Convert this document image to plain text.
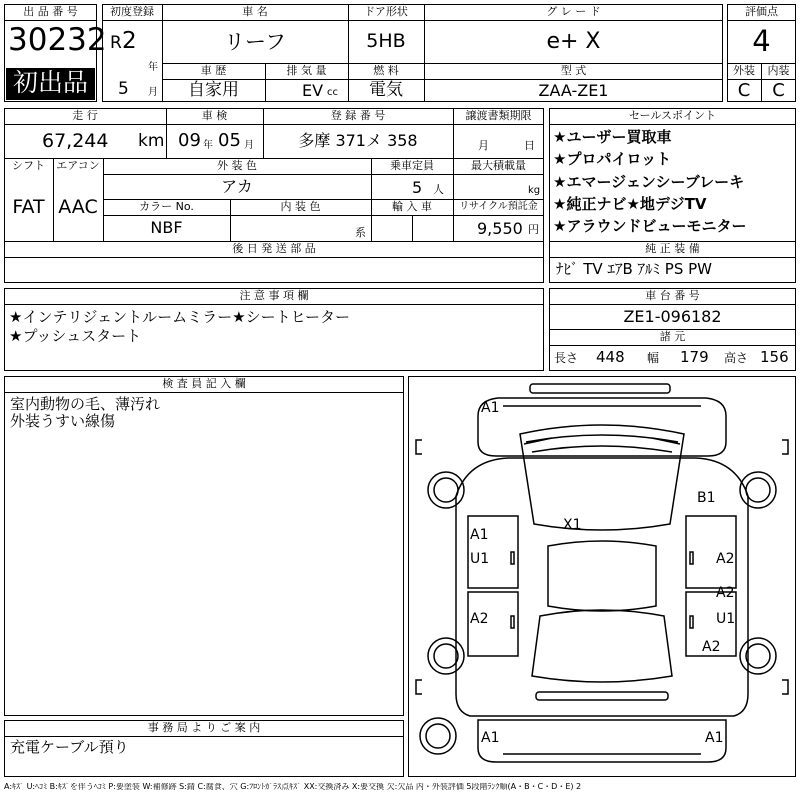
出 品 番 号
30232
初出品
初度登録
R 2
年
5 月
車 名
リーフ
ドア形状
5HB
グ レ ー ド
e+ X
車 歴
自家用
排 気 量
EV cc
燃 料
電気
型 式
ZAA-ZE1
評価点
4
外装	内装
C	C
走 行
67,244 km
車 検
09 年 05 月
登 録 番 号
多摩 371メ 358
譲渡書類期限
月	日
シフト
FAT
エアコン
AAC
外 装 色
アカ
乗車定員
5 人
最大積載量
kg
カラー No.
NBF
内 装 色
系
輸 入 車	リサイクル預託金
9,550 円
後 日 発 送 部 品
セールスポイント
★ユーザー買取車
★プロパイロット
★エマージェンシーブレーキ
★純正ナビ★地デジTV
★アラウンドビューモニター
純 正 装 備
ﾅﾋﾞ TV ｴｱB ｱﾙﾐ PS PW
注 意 事 項 欄
★インテリジェントルームミラー★シートヒーター
★プッシュスタート
車 台 番 号
ZE1-096182
諸 元
長さ 448 幅 179 高さ 156
検 査 員 記 入 欄
室内動物の毛、薄汚れ
外装うすい線傷
事 務 局 よ り ご 案 内
充電ケーブル預り
A1
B1
X1
A1
U1	A2
A2
A2	U1
A2
A1	A1
A:ｷｽﾞ U:ﾍｺﾐ B:ｷｽﾞを伴うﾍｺﾐ P:要塗装 W:補修跡 S:錆 C:腐食、穴 G:ﾌﾛﾝﾄｶﾞﾗｽ点ｷｽﾞ XX:交換済み X:要交換 欠:欠品 内・外装評価 5段階ﾗﾝｸ順(A・B・C・D・E) 2
